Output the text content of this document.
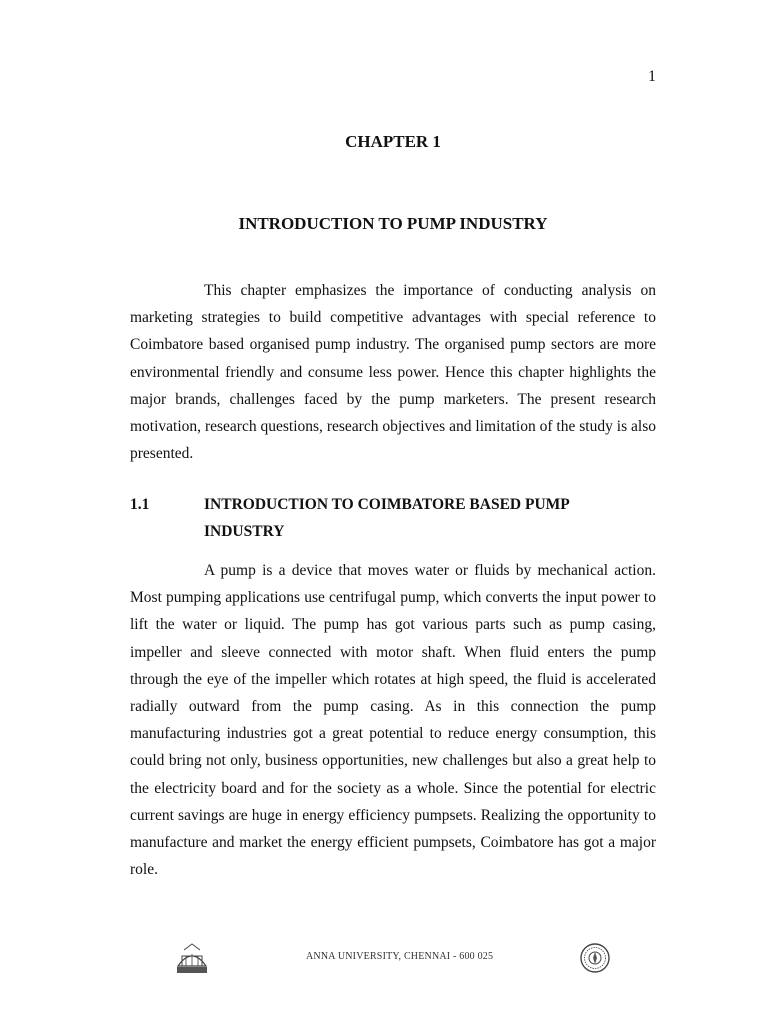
1
CHAPTER 1
INTRODUCTION TO PUMP INDUSTRY

This chapter emphasizes the importance of conducting analysis on marketing strategies to build competitive advantages with special reference to Coimbatore based organised pump industry. The organised pump sectors are more environmental friendly and consume less power. Hence this chapter highlights the major brands, challenges faced by the pump marketers. The present research motivation, research questions, research objectives and limitation of the study is also presented.

1.1	INTRODUCTION TO COIMBATORE BASED PUMP INDUSTRY

A pump is a device that moves water or fluids by mechanical action. Most pumping applications use centrifugal pump, which converts the input power to lift the water or liquid. The pump has got various parts such as pump casing, impeller and sleeve connected with motor shaft. When fluid enters the pump through the eye of the impeller which rotates at high speed, the fluid is accelerated radially outward from the pump casing. As in this connection the pump manufacturing industries got a great potential to reduce energy consumption, this could bring not only, business opportunities, new challenges but also a great help to the electricity board and for the society as a whole. Since the potential for electric current savings are huge in energy efficiency pumpsets. Realizing the opportunity to manufacture and market the energy efficient pumpsets, Coimbatore has got a major role.

ANNA UNIVERSITY, CHENNAI - 600 025
